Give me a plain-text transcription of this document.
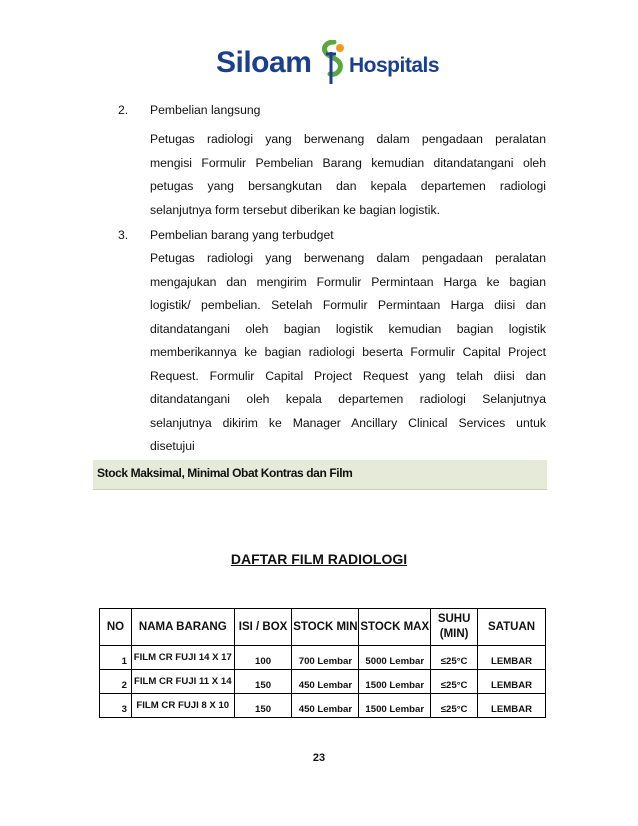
Siloam Hospitals
2. Pembelian langsung
Petugas radiologi yang berwenang dalam pengadaan peralatan
mengisi Formulir Pembelian Barang kemudian ditandatangani oleh
petugas yang bersangkutan dan kepala departemen radiologi
selanjutnya form tersebut diberikan ke bagian logistik.
3. Pembelian barang yang terbudget
Petugas radiologi yang berwenang dalam pengadaan peralatan
mengajukan dan mengirim Formulir Permintaan Harga ke bagian
logistik/ pembelian. Setelah Formulir Permintaan Harga diisi dan
ditandatangani oleh bagian logistik kemudian bagian logistik
memberikannya ke bagian radiologi beserta Formulir Capital Project
Request. Formulir Capital Project Request yang telah diisi dan
ditandatangani oleh kepala departemen radiologi Selanjutnya
selanjutnya dikirim ke Manager Ancillary Clinical Services untuk
disetujui
Stock Maksimal, Minimal Obat Kontras dan Film
DAFTAR FILM RADIOLOGI
NO	NAMA BARANG	ISI / BOX	STOCK MIN	STOCK MAX	SUHU (MIN)	SATUAN
1	FILM CR FUJI 14 X 17	100	700 Lembar	5000 Lembar	≤25°C	LEMBAR
2	FILM CR FUJI 11 X 14	150	450 Lembar	1500 Lembar	≤25°C	LEMBAR
3	FILM CR FUJI 8 X 10	150	450 Lembar	1500 Lembar	≤25°C	LEMBAR
23
